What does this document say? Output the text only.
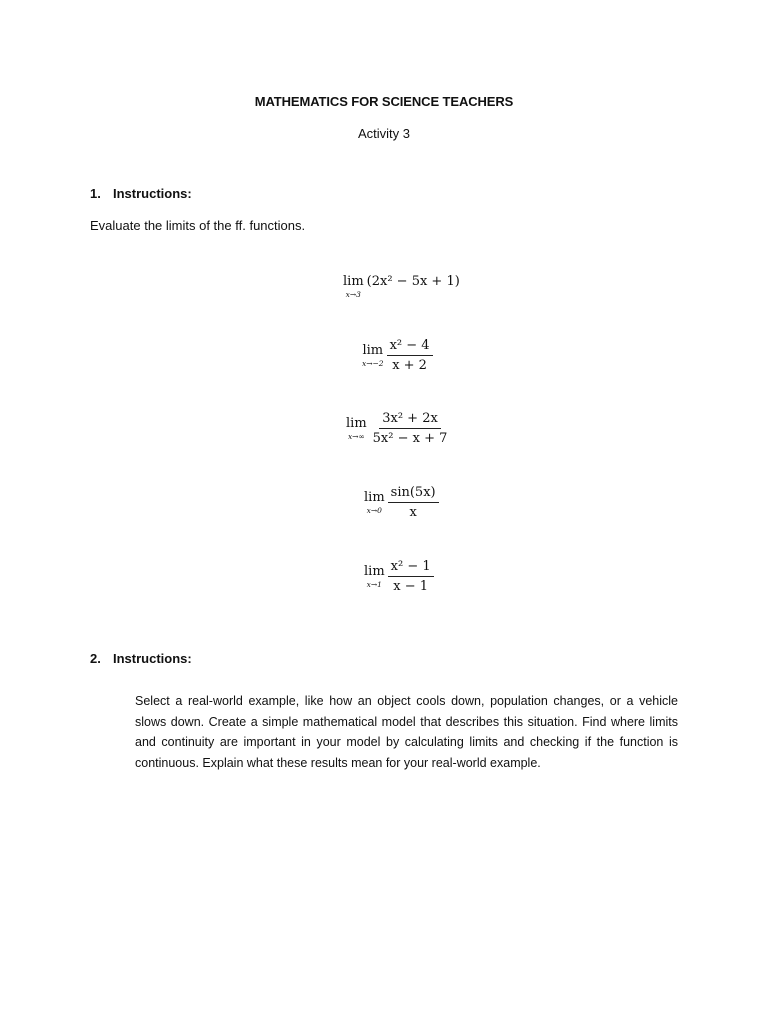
MATHEMATICS FOR SCIENCE TEACHERS
Activity 3
1. Instructions:
Evaluate the limits of the ff. functions.
lim
x→3
(2x² − 5x + 1)
lim
$x\to-2 \frac{\text{x² − 4}}{x + 2}$
lim
$x\to\infty \frac{\text{3x² + 2x}}{\text{5x² − x + 7}}$
lim
$x\to 0 \frac{\sin(5x)}{x}$
lim
$x\to 1 \frac{\text{x² − 1}}{x - 1}$
2. Instructions:
Select a real-world example, like how an object cools down, population changes, or a vehicle slows down. Create a simple mathematical model that describes this situation. Find where limits and continuity are important in your model by calculating limits and checking if the function is continuous. Explain what these results mean for your real-world example.
